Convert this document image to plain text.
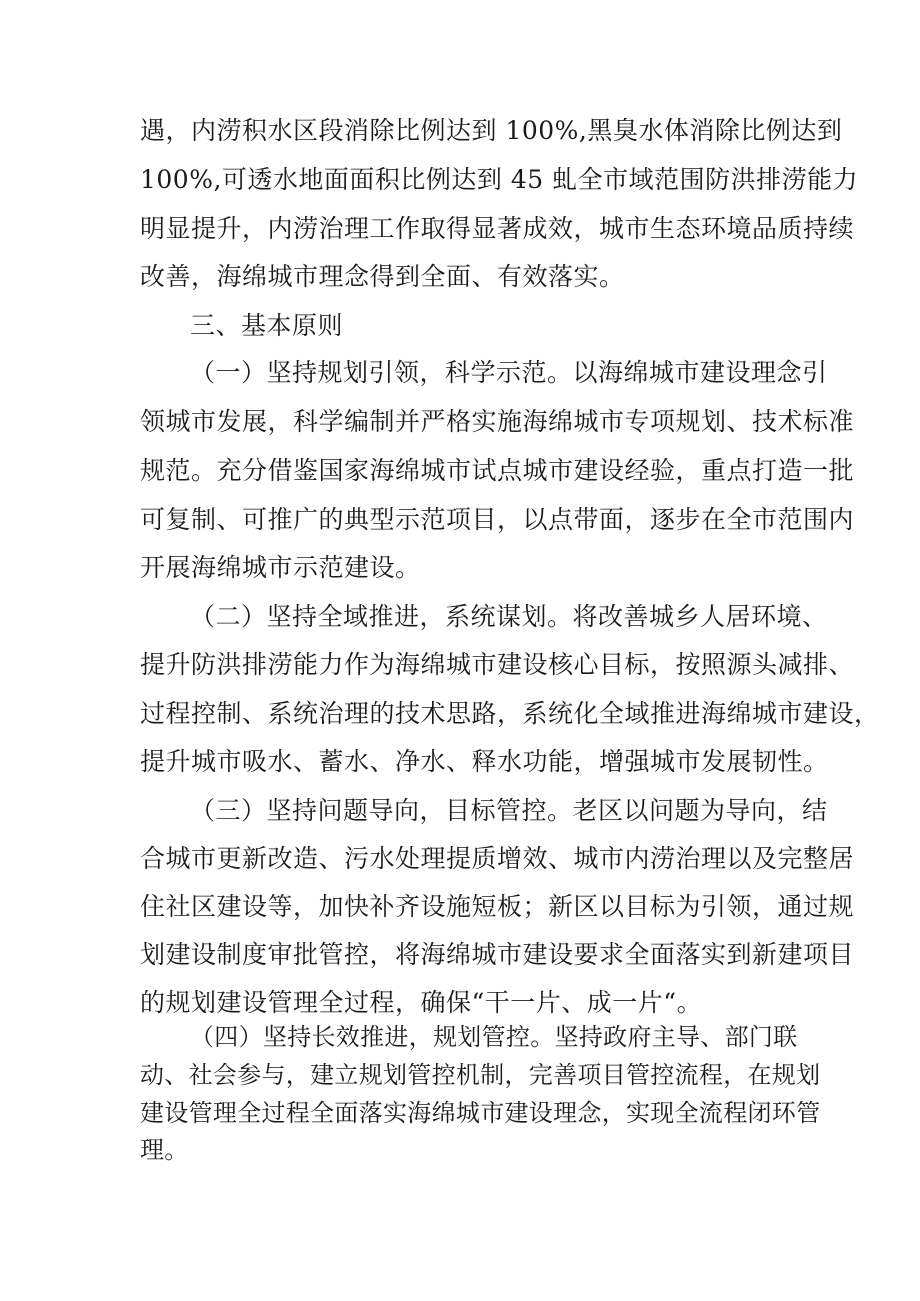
遇，内涝积水区段消除比例达到 100%,黑臭水体消除比例达到
100%,可透水地面面积比例达到 45 虬全市域范围防洪排涝能力
明显提升，内涝治理工作取得显著成效，城市生态环境品质持续
改善，海绵城市理念得到全面、有效落实。
三、基本原则
（一）坚持规划引领，科学示范。以海绵城市建设理念引
领城市发展，科学编制并严格实施海绵城市专项规划、技术标准
规范。充分借鉴国家海绵城市试点城市建设经验，重点打造一批
可复制、可推广的典型示范项目，以点带面，逐步在全市范围内
开展海绵城市示范建设。
（二）坚持全域推进，系统谋划。将改善城乡人居环境、
提升防洪排涝能力作为海绵城市建设核心目标，按照源头减排、
过程控制、系统治理的技术思路，系统化全域推进海绵城市建设，
提升城市吸水、蓄水、净水、释水功能，增强城市发展韧性。
（三）坚持问题导向，目标管控。老区以问题为导向，结
合城市更新改造、污水处理提质增效、城市内涝治理以及完整居
住社区建设等，加快补齐设施短板；新区以目标为引领，通过规
划建设制度审批管控，将海绵城市建设要求全面落实到新建项目
的规划建设管理全过程，确保“干一片、成一片“。
（四）坚持长效推进，规划管控。坚持政府主导、部门联
动、社会参与，建立规划管控机制，完善项目管控流程，在规划
建设管理全过程全面落实海绵城市建设理念，实现全流程闭环管
理。
